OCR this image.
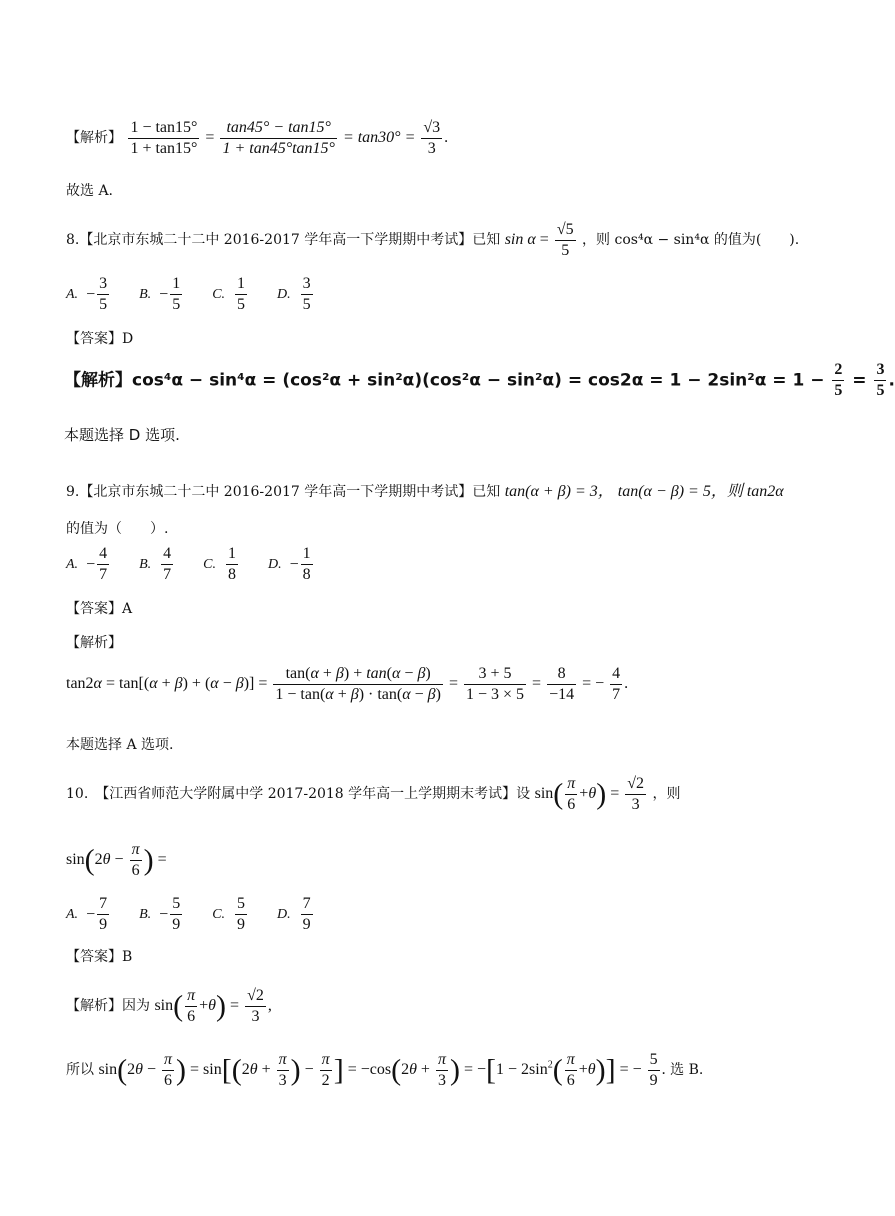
【解析】 $\frac{1 - \tan 15^\circ}{1 + \tan 15^\circ} = \frac{\tan 45^\circ - \tan 15^\circ}{1 + \tan 45^\circ\tan 15^\circ} = \tan 30^\circ = \frac{√3}{3}$ .
故选 A.
8.【北京市东城二十二中 2016-2017 学年高一下学期期中考试】已知 $\sin \alpha = \frac{√5}{5}$ ，则 cos⁴α − sin⁴α 的值为(　　).
A. − $\frac{3}{5}$
B. − $\frac{1}{5}$
C. $\frac{1}{5}$
D. $\frac{3}{5}$
【答案】D
【解析】$\cos^4\alpha - \sin^4\alpha = (\cos^2\alpha + \sin^2\alpha)(\cos^2\alpha - \sin^2\alpha) = \cos 2\alpha = 1 - 2\sin^2\alpha = 1 - \frac{2}{5} = \frac{3}{5}$ .
本题选择 D 选项.
9.【北京市东城二十二中 2016-2017 学年高一下学期期中考试】已知 tan(α + β) = 3， tan(α − β) = 5，则 tan2α
的值为（　　）.
A. − $\frac{4}{7}$
B. $\frac{4}{7}$
C. $\frac{1}{8}$
D. − $\frac{1}{8}$
【答案】A
【解析】
$\tan 2\alpha = \tan[(\alpha + \beta) + (\alpha - \beta)] = \frac{\tan(\alpha + \beta) + \tan(\alpha - \beta)}{1 - \tan(\alpha + \beta) \cdot \tan(\alpha - \beta)} = \frac{3 + 5}{1 - 3 \times 5} = \frac{8}{-14}$ = − $\frac{4}{7}$ .
本题选择 A 选项.
10.　【江西省师范大学附属中学 2017-2018 学年高一上学期期末考试】设 $\sin( \frac{\pi}{6} +\theta) = \frac{√2}{3}$ ，则
$\sin(2\theta - \frac{\pi}{6}$ ) =
A. − $\frac{7}{9}$
B. − $\frac{5}{9}$
C. $\frac{5}{9}$
D. $\frac{7}{9}$
【答案】B
【解析】因为 $\sin( \frac{\pi}{6} +\theta) = \frac{√2}{3}$ ,
所以 $\sin(2\theta - \frac{\pi}{6}$ ) = $\sin[(2\theta + \frac{\pi}{3}$ ) − $\frac{\pi}{2}$ ] = $-\cos(2\theta + \frac{\pi}{3}$ ) = $-[1 - 2\sin^2( \frac{\pi}{6} +\theta)]$ = − $\frac{5}{9}$ . 选 B.
